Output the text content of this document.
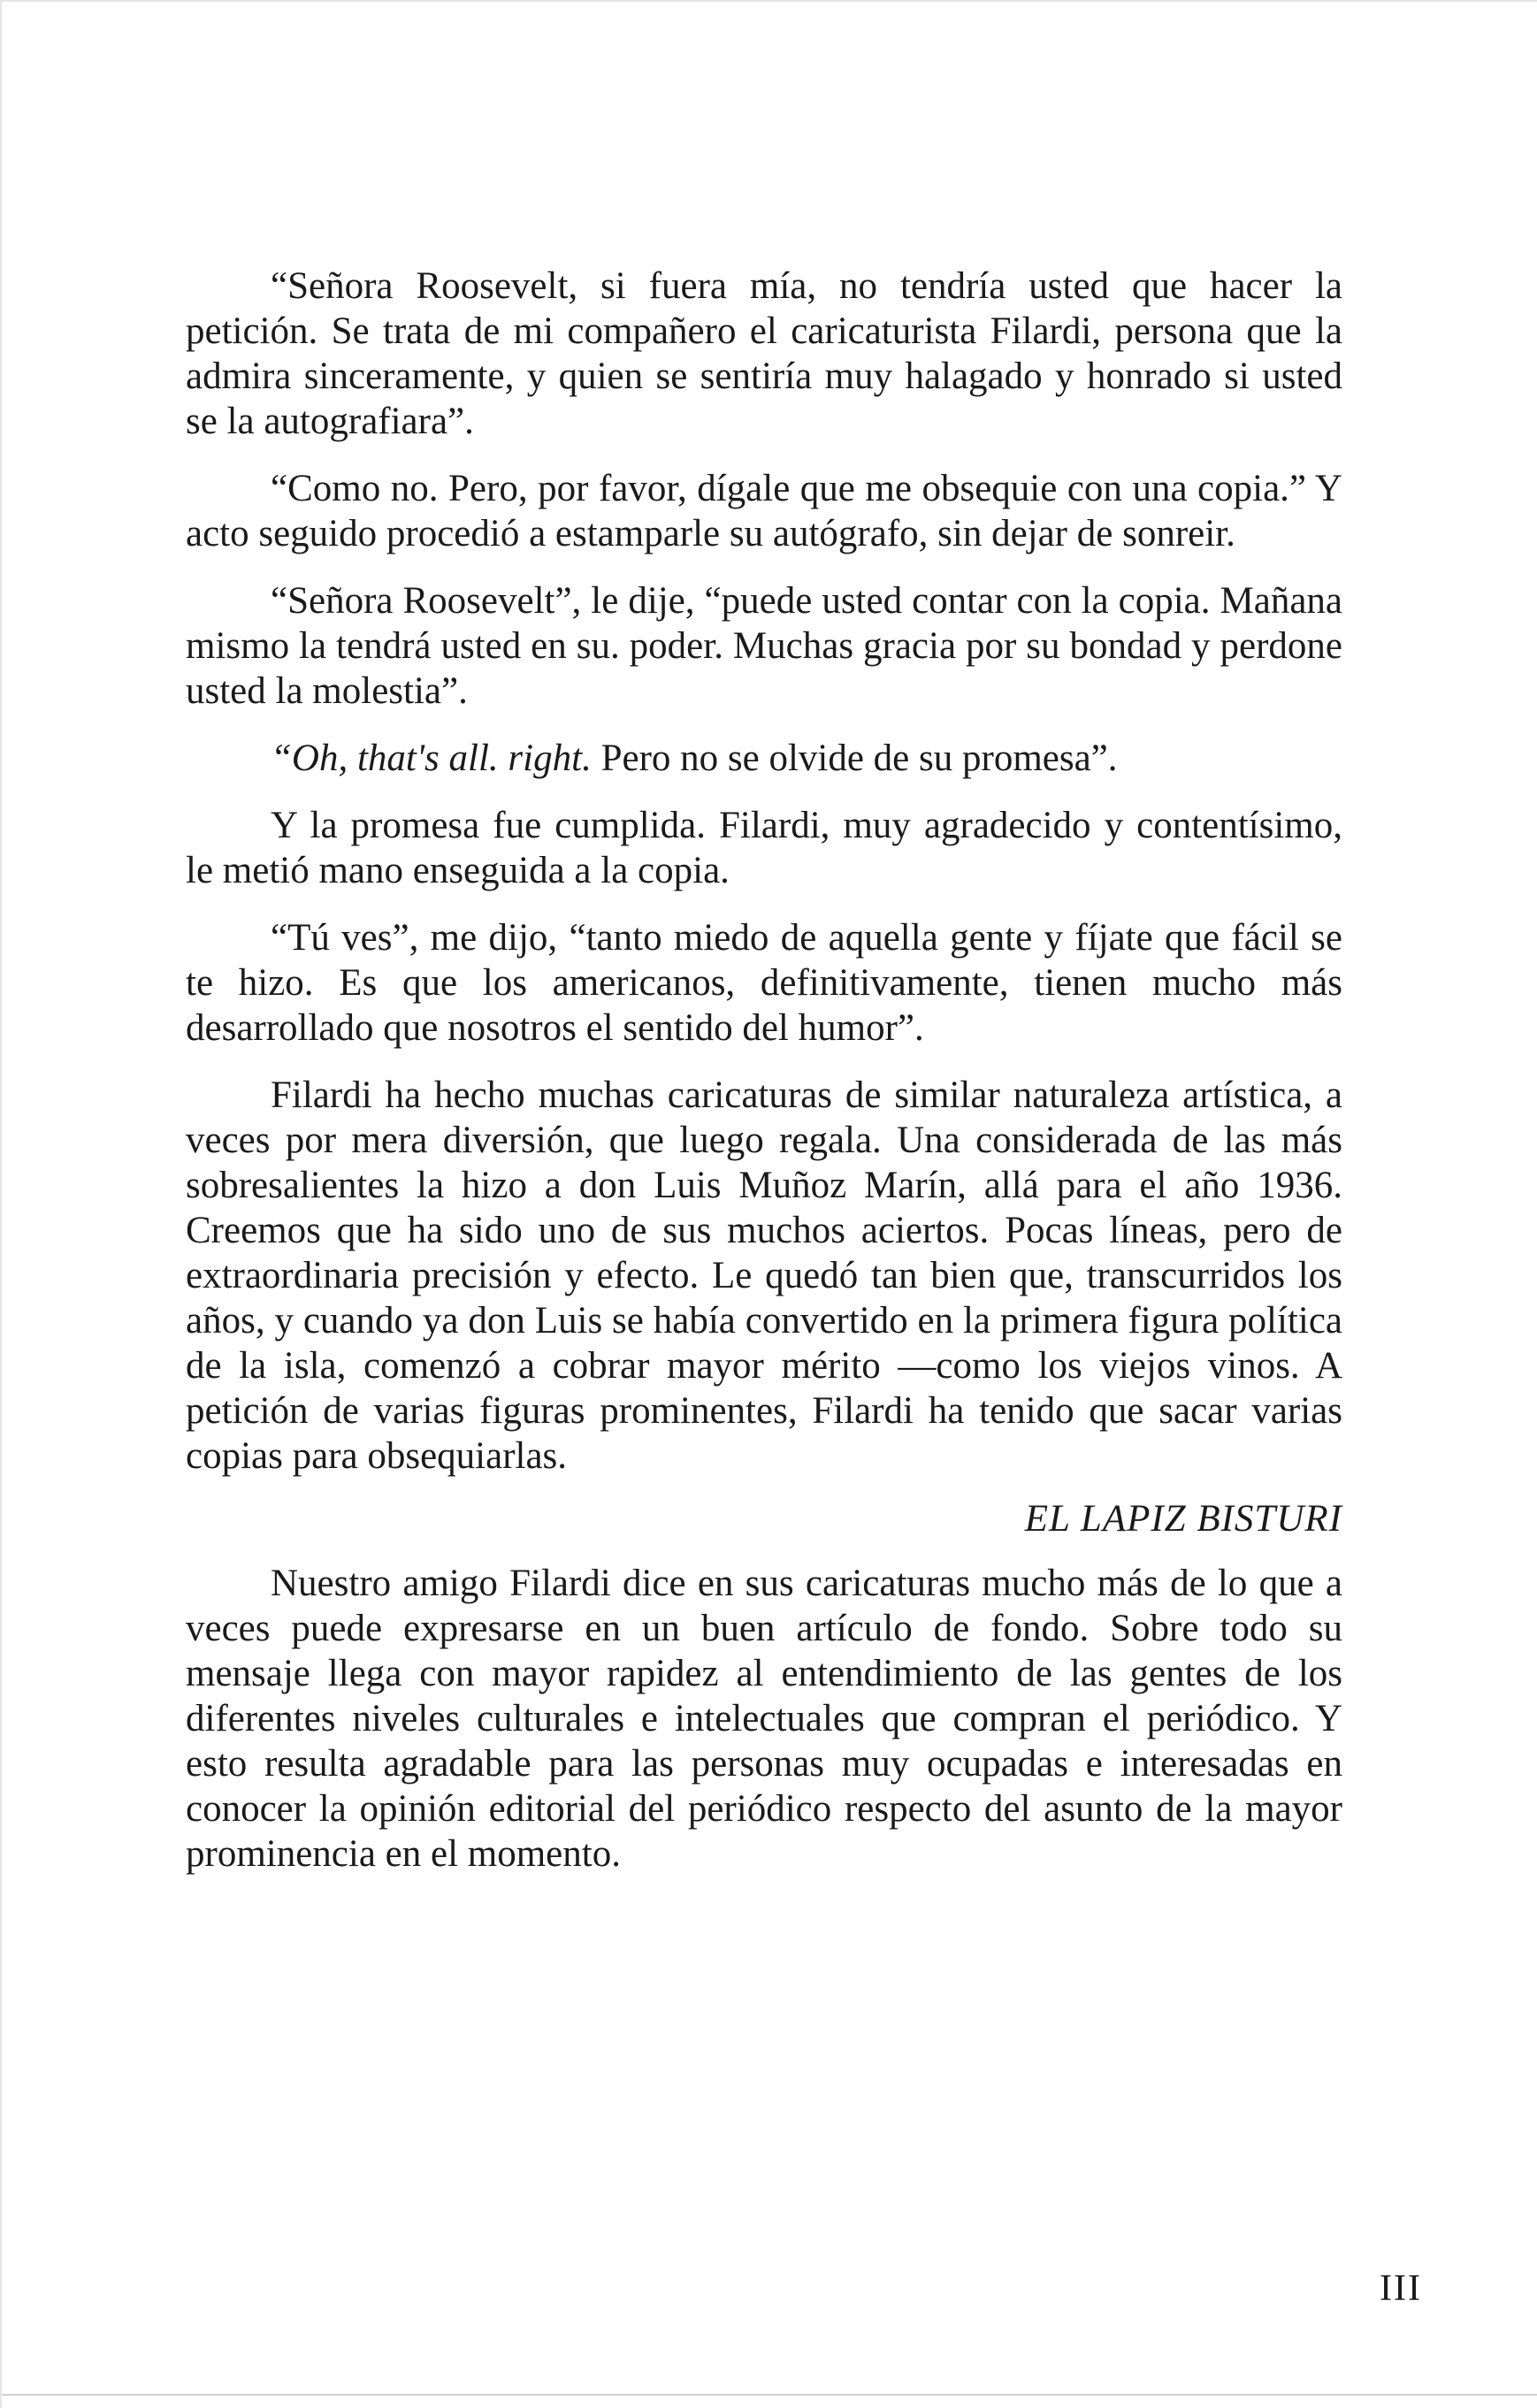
“Señora Roosevelt, si fuera mía, no tendría usted que hacer la petición. Se trata de mi compañero el caricaturista Filardi, persona que la admira sinceramente, y quien se sentiría muy halagado y honrado si usted se la autografiara”.

“Como no. Pero, por favor, dígale que me obsequie con una copia.” Y acto seguido procedió a estamparle su autógrafo, sin dejar de sonreir.

“Señora Roosevelt”, le dije, “puede usted contar con la copia. Mañana mismo la tendrá usted en su. poder. Muchas gracia por su bondad y perdone usted la molestia”.

“Oh, that's all. right. Pero no se olvide de su promesa”.

Y la promesa fue cumplida. Filardi, muy agradecido y contentísimo, le metió mano enseguida a la copia.

“Tú ves”, me dijo, “tanto miedo de aquella gente y fíjate que fácil se te hizo. Es que los americanos, definitivamente, tienen mucho más desarrollado que nosotros el sentido del humor”.

Filardi ha hecho muchas caricaturas de similar naturaleza artística, a veces por mera diversión, que luego regala. Una considerada de las más sobresalientes la hizo a don Luis Muñoz Marín, allá para el año 1936. Creemos que ha sido uno de sus muchos aciertos. Pocas líneas, pero de extraordinaria precisión y efecto. Le quedó tan bien que, transcurridos los años, y cuando ya don Luis se había convertido en la primera figura política de la isla, comenzó a cobrar mayor mérito —como los viejos vinos. A petición de varias figuras prominentes, Filardi ha tenido que sacar varias copias para obsequiarlas.

EL LAPIZ BISTURI

Nuestro amigo Filardi dice en sus caricaturas mucho más de lo que a veces puede expresarse en un buen artículo de fondo. Sobre todo su mensaje llega con mayor rapidez al entendimiento de las gentes de los diferentes niveles culturales e intelectuales que compran el periódico. Y esto resulta agradable para las personas muy ocupadas e interesadas en conocer la opinión editorial del periódico respecto del asunto de la mayor prominencia en el momento.

III
